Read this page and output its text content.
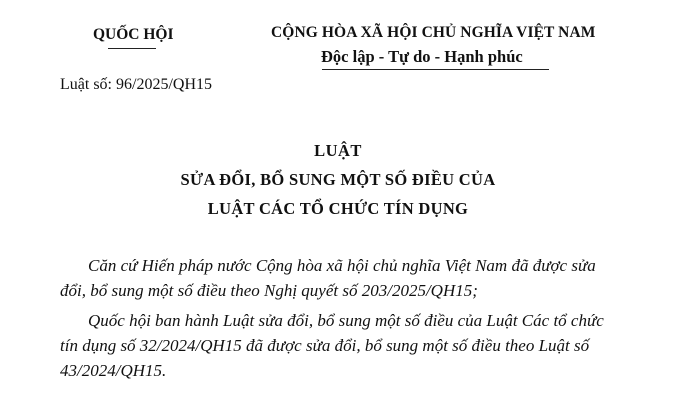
QUỐC HỘI	CỘNG HÒA XÃ HỘI CHỦ NGHĨA VIỆT NAM
Độc lập - Tự do - Hạnh phúc
Luật số: 96/2025/QH15
LUẬT
SỬA ĐỔI, BỔ SUNG MỘT SỐ ĐIỀU CỦA
LUẬT CÁC TỔ CHỨC TÍN DỤNG
Căn cứ Hiến pháp nước Cộng hòa xã hội chủ nghĩa Việt Nam đã được sửa
đổi, bổ sung một số điều theo Nghị quyết số 203/2025/QH15;
Quốc hội ban hành Luật sửa đổi, bổ sung một số điều của Luật Các tổ chức
tín dụng số 32/2024/QH15 đã được sửa đổi, bổ sung một số điều theo Luật số
43/2024/QH15.
